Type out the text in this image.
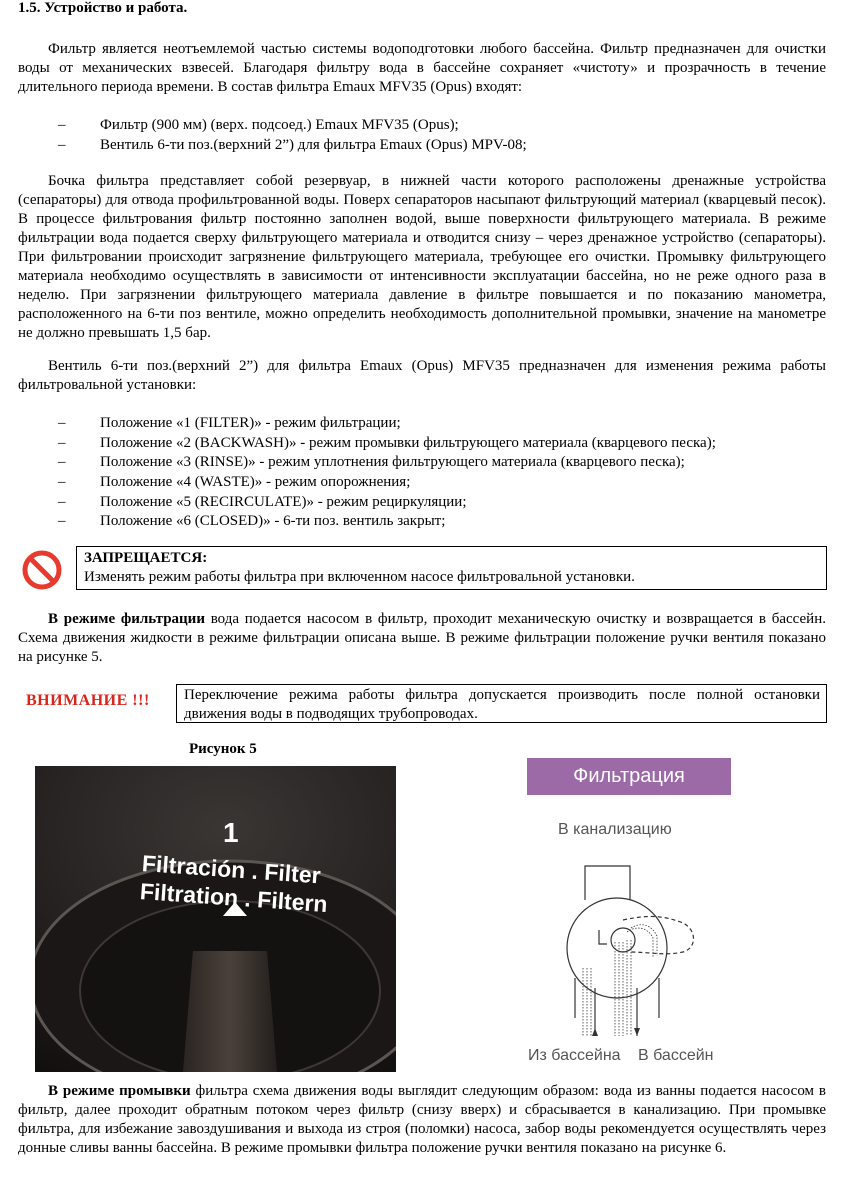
1.5. Устройство и работа.
Фильтр является неотъемлемой частью системы водоподготовки любого бассейна. Фильтр предназначен для очистки воды от механических взвесей. Благодаря фильтру вода в бассейне сохраняет «чистоту» и прозрачность в течение длительного периода времени. В состав фильтра Emaux MFV35 (Opus) входят:
– Фильтр (900 мм) (верх. подсоед.) Emaux MFV35 (Opus);
– Вентиль 6-ти поз.(верхний 2”) для фильтра Emaux (Opus) MPV-08;
Бочка фильтра представляет собой резервуар, в нижней части которого расположены дренажные устройства (сепараторы) для отвода профильтрованной воды. Поверх сепараторов насыпают фильтрующий материал (кварцевый песок). В процессе фильтрования фильтр постоянно заполнен водой, выше поверхности фильтрующего материала. В режиме фильтрации вода подается сверху фильтрующего материала и отводится снизу – через дренажное устройство (сепараторы). При фильтровании происходит загрязнение фильтрующего материала, требующее его очистки. Промывку фильтрующего материала необходимо осуществлять в зависимости от интенсивности эксплуатации бассейна, но не реже одного раза в неделю. При загрязнении фильтрующего материала давление в фильтре повышается и по показанию манометра, расположенного на 6-ти поз вентиле, можно определить необходимость дополнительной промывки, значение на манометре не должно превышать 1,5 бар.
Вентиль 6-ти поз.(верхний 2”) для фильтра Emaux (Opus) MFV35 предназначен для изменения режима работы фильтровальной установки:
– Положение «1 (FILTER)» - режим фильтрации;
– Положение «2 (BACKWASH)» - режим промывки фильтрующего материала (кварцевого песка);
– Положение «3 (RINSE)» - режим уплотнения фильтрующего материала (кварцевого песка);
– Положение «4 (WASTE)» - режим опорожнения;
– Положение «5 (RECIRCULATE)» - режим рециркуляции;
– Положение «6 (CLOSED)» - 6-ти поз. вентиль закрыт;
ЗАПРЕЩАЕТСЯ:
Изменять режим работы фильтра при включенном насосе фильтровальной установки.
В режиме фильтрации вода подается насосом в фильтр, проходит механическую очистку и возвращается в бассейн. Схема движения жидкости в режиме фильтрации описана выше. В режиме фильтрации положение ручки вентиля показано на рисунке 5.
ВНИМАНИЕ !!! Переключение режима работы фильтра допускается производить после полной остановки движения воды в подводящих трубопроводах.
Рисунок 5
1
Filtración . Filter
Filtration . Filtern
Фильтрация
В канализацию
Из бассейна В бассейн
В режиме промывки фильтра схема движения воды выглядит следующим образом: вода из ванны подается насосом в фильтр, далее проходит обратным потоком через фильтр (снизу вверх) и сбрасывается в канализацию. При промывке фильтра, для избежание завоздушивания и выхода из строя (поломки) насоса, забор воды рекомендуется осуществлять через донные сливы ванны бассейна. В режиме промывки фильтра положение ручки вентиля показано на рисунке 6.
